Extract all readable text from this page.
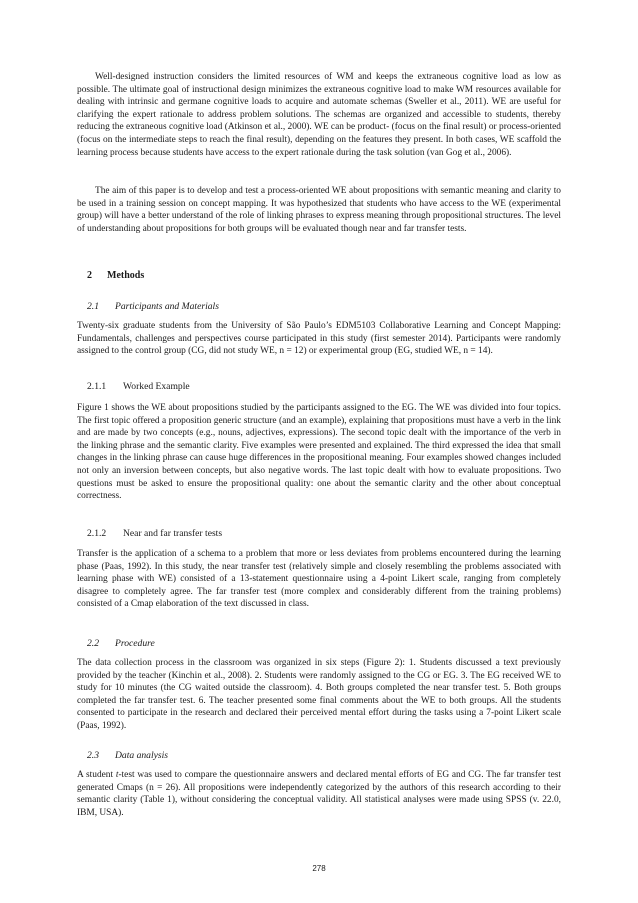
Well-designed instruction considers the limited resources of WM and keeps the extraneous cognitive load as low as possible. The ultimate goal of instructional design minimizes the extraneous cognitive load to make WM resources available for dealing with intrinsic and germane cognitive loads to acquire and automate schemas (Sweller et al., 2011). WE are useful for clarifying the expert rationale to address problem solutions. The schemas are organized and accessible to students, thereby reducing the extraneous cognitive load (Atkinson et al., 2000). WE can be product- (focus on the final result) or process-oriented (focus on the intermediate steps to reach the final result), depending on the features they present. In both cases, WE scaffold the learning process because students have access to the expert rationale during the task solution (van Gog et al., 2006).

The aim of this paper is to develop and test a process-oriented WE about propositions with semantic meaning and clarity to be used in a training session on concept mapping. It was hypothesized that students who have access to the WE (experimental group) will have a better understand of the role of linking phrases to express meaning through propositional structures. The level of understanding about propositions for both groups will be evaluated though near and far transfer tests.

2 Methods

2.1 Participants and Materials

Twenty-six graduate students from the University of São Paulo’s EDM5103 Collaborative Learning and Concept Mapping: Fundamentals, challenges and perspectives course participated in this study (first semester 2014). Participants were randomly assigned to the control group (CG, did not study WE, n = 12) or experimental group (EG, studied WE, n = 14).

2.1.1 Worked Example

Figure 1 shows the WE about propositions studied by the participants assigned to the EG. The WE was divided into four topics. The first topic offered a proposition generic structure (and an example), explaining that propositions must have a verb in the link and are made by two concepts (e.g., nouns, adjectives, expressions). The second topic dealt with the importance of the verb in the linking phrase and the semantic clarity. Five examples were presented and explained. The third expressed the idea that small changes in the linking phrase can cause huge differences in the propositional meaning. Four examples showed changes included not only an inversion between concepts, but also negative words. The last topic dealt with how to evaluate propositions. Two questions must be asked to ensure the propositional quality: one about the semantic clarity and the other about conceptual correctness.

2.1.2 Near and far transfer tests

Transfer is the application of a schema to a problem that more or less deviates from problems encountered during the learning phase (Paas, 1992). In this study, the near transfer test (relatively simple and closely resembling the problems associated with learning phase with WE) consisted of a 13-statement questionnaire using a 4-point Likert scale, ranging from completely disagree to completely agree. The far transfer test (more complex and considerably different from the training problems) consisted of a Cmap elaboration of the text discussed in class.

2.2 Procedure

The data collection process in the classroom was organized in six steps (Figure 2): 1. Students discussed a text previously provided by the teacher (Kinchin et al., 2008). 2. Students were randomly assigned to the CG or EG. 3. The EG received WE to study for 10 minutes (the CG waited outside the classroom). 4. Both groups completed the near transfer test. 5. Both groups completed the far transfer test. 6. The teacher presented some final comments about the WE to both groups. All the students consented to participate in the research and declared their perceived mental effort during the tasks using a 7-point Likert scale (Paas, 1992).

2.3 Data analysis

A student t-test was used to compare the questionnaire answers and declared mental efforts of EG and CG. The far transfer test generated Cmaps (n = 26). All propositions were independently categorized by the authors of this research according to their semantic clarity (Table 1), without considering the conceptual validity. All statistical analyses were made using SPSS (v. 22.0, IBM, USA).

278
